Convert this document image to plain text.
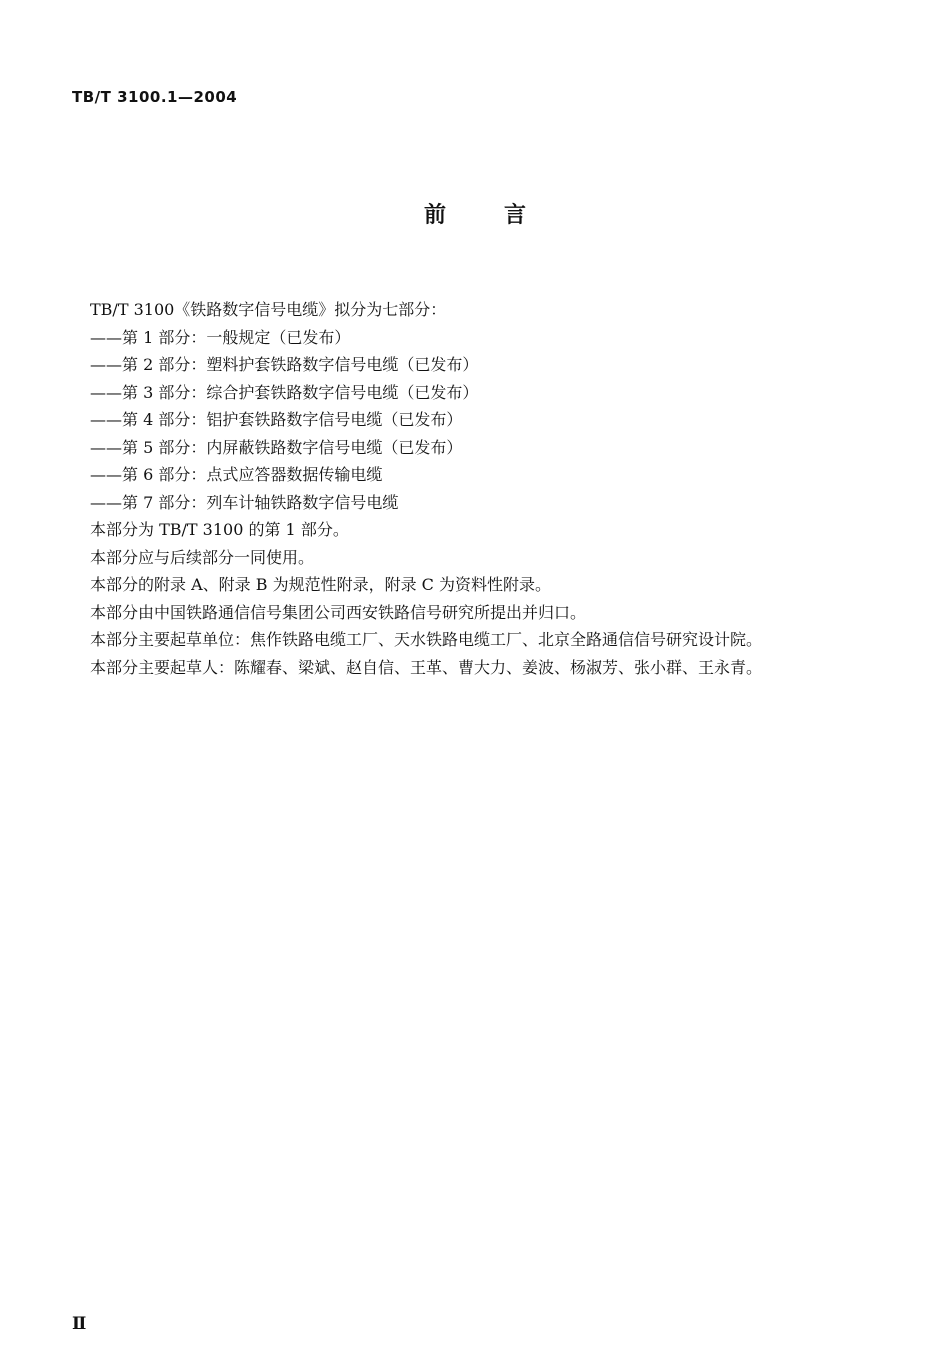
TB/T 3100.1—2004
前言
TB/T 3100《铁路数字信号电缆》拟分为七部分：
——第 1 部分：一般规定（已发布）
——第 2 部分：塑料护套铁路数字信号电缆（已发布）
——第 3 部分：综合护套铁路数字信号电缆（已发布）
——第 4 部分：铝护套铁路数字信号电缆（已发布）
——第 5 部分：内屏蔽铁路数字信号电缆（已发布）
——第 6 部分：点式应答器数据传输电缆
——第 7 部分：列车计轴铁路数字信号电缆
本部分为 TB/T 3100 的第 1 部分。
本部分应与后续部分一同使用。
本部分的附录 A、附录 B 为规范性附录，附录 C 为资料性附录。
本部分由中国铁路通信信号集团公司西安铁路信号研究所提出并归口。
本部分主要起草单位：焦作铁路电缆工厂、天水铁路电缆工厂、北京全路通信信号研究设计院。
本部分主要起草人：陈耀春、梁斌、赵自信、王革、曹大力、姜波、杨淑芳、张小群、王永青。
Ⅱ
